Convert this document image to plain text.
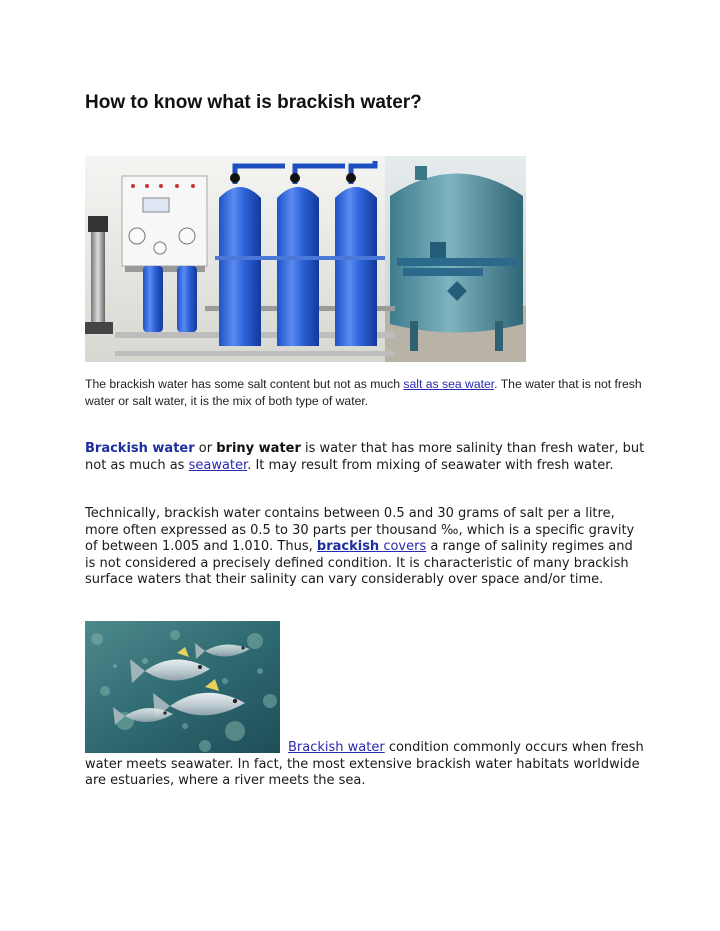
How to know what is brackish water?

The brackish water has some salt content but not as much salt as sea water. The water that is not fresh water or salt water, it is the mix of both type of water.

Brackish water or briny water is water that has more salinity than fresh water, but not as much as seawater. It may result from mixing of seawater with fresh water.

Technically, brackish water contains between 0.5 and 30 grams of salt per a litre, more often expressed as 0.5 to 30 parts per thousand ‰, which is a specific gravity of between 1.005 and 1.010. Thus, brackish covers a range of salinity regimes and is not considered a precisely defined condition. It is characteristic of many brackish surface waters that their salinity can vary considerably over space and/or time.

Brackish water condition commonly occurs when fresh water meets seawater. In fact, the most extensive brackish water habitats worldwide are estuaries, where a river meets the sea.
